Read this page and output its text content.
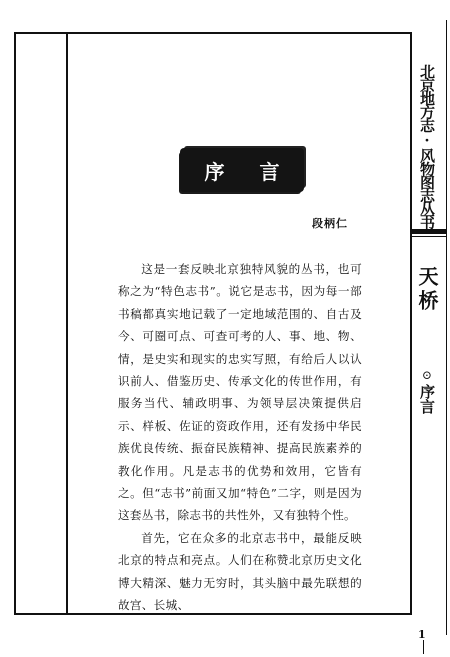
北京地方志·风物图志丛书
天桥
⊙
序言
序 言
段柄仁

这是一套反映北京独特风貌的丛书，也可称之为“特色志书”。说它是志书，因为每一部书稿都真实地记载了一定地域范围的、自古及今、可圈可点、可查可考的人、事、地、物、情，是史实和现实的忠实写照，有给后人以认识前人、借鉴历史、传承文化的传世作用，有服务当代、辅政明事、为领导层决策提供启示、样板、佐证的资政作用，还有发扬中华民族优良传统、振奋民族精神、提高民族素养的教化作用。凡是志书的优势和效用，它皆有之。但“志书”前面又加“特色”二字，则是因为这套丛书，除志书的共性外，又有独特个性。

首先，它在众多的北京志书中，最能反映北京的特点和亮点。人们在称赞北京历史文化博大精深、魅力无穷时，其头脑中最先联想的故宫、长城、

1
